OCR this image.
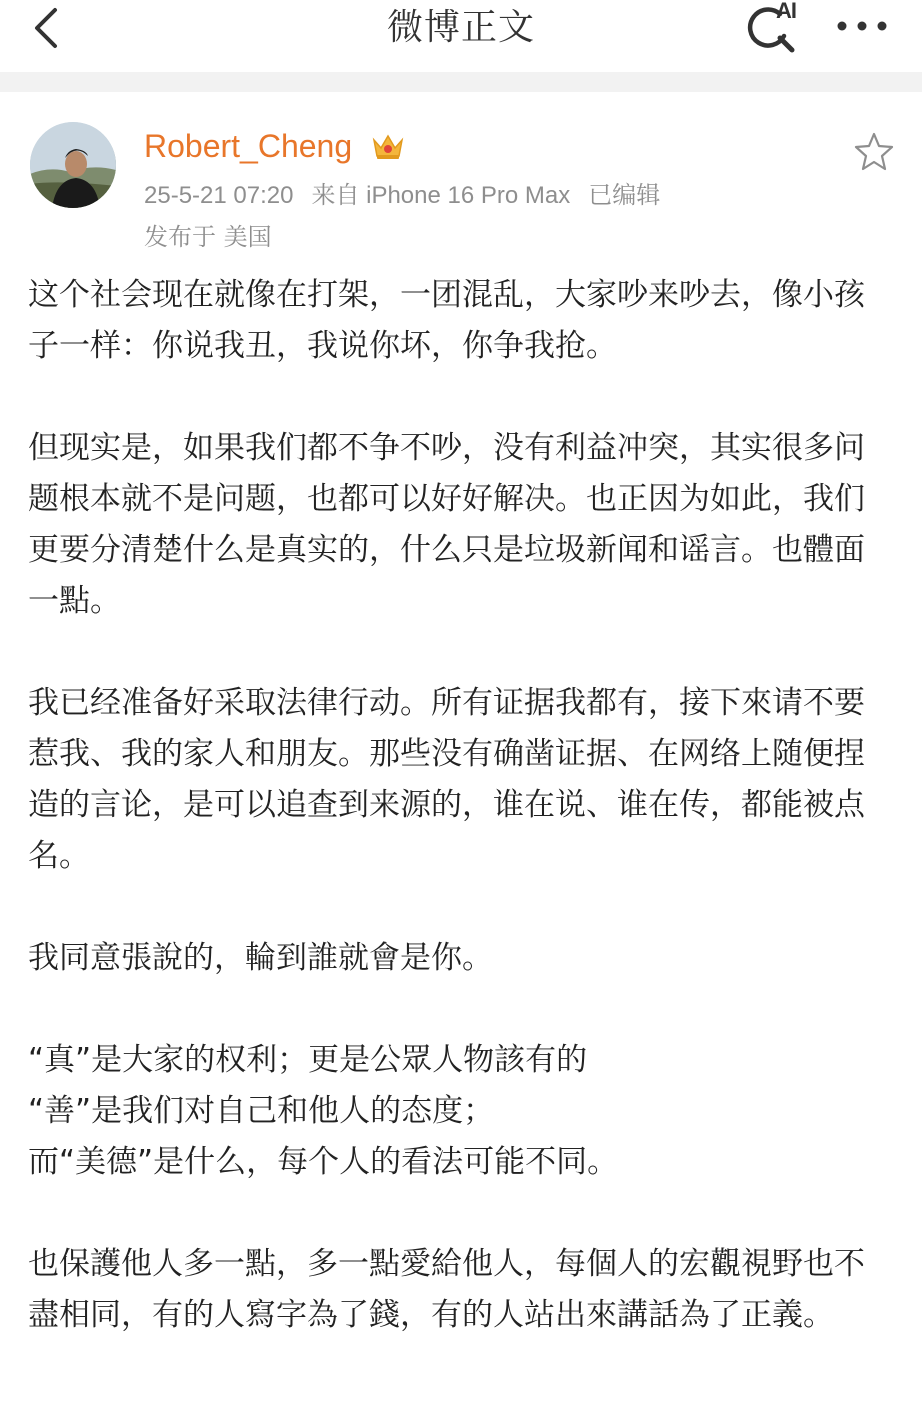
微博正文	AI
Robert_Cheng
25-5-21 07:20 来自 iPhone 16 Pro Max 已编辑
发布于 美国

这个社会现在就像在打架，一团混乱，大家吵来吵去，像小孩子一样：你说我丑，我说你坏，你争我抢。

但现实是，如果我们都不争不吵，没有利益冲突，其实很多问题根本就不是问题，也都可以好好解决。也正因为如此，我们更要分清楚什么是真实的，什么只是垃圾新闻和谣言。也體面一點。

我已经准备好采取法律行动。所有证据我都有，接下來请不要惹我、我的家人和朋友。那些没有确凿证据、在网络上随便捏造的言论，是可以追查到来源的，谁在说、谁在传，都能被点名。

我同意張說的，輪到誰就會是你。

“真”是大家的权利；更是公眾人物該有的

“善”是我们对自己和他人的态度；

而“美德”是什么，每个人的看法可能不同。

也保護他人多一點，多一點愛給他人，每個人的宏觀視野也不盡相同，有的人寫字為了錢，有的人站出來講話為了正義。
